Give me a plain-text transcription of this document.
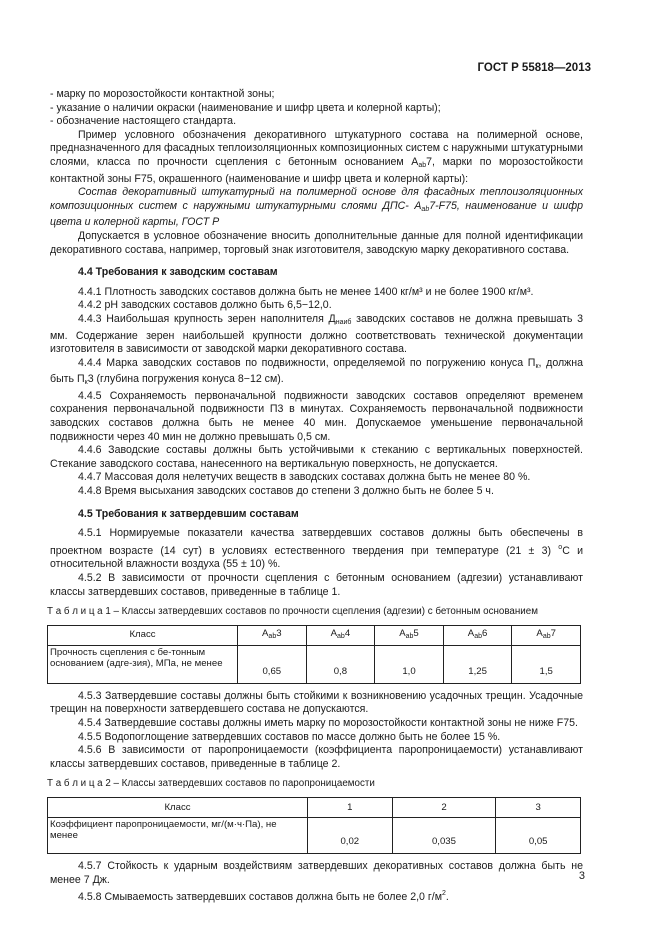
ГОСТ Р 55818—2013

- марку по морозостойкости контактной зоны;

- указание о наличии окраски (наименование и шифр цвета и колерной карты);

- обозначение настоящего стандарта.

Пример условного обозначения декоративного штукатурного состава на полимерной основе, предназначенного для фасадных теплоизоляционных композиционных систем с наружными штукатурными слоями, класса по прочности сцепления с бетонным основанием $А_{ab}7$, марки по морозостойкости контактной зоны F75, окрашенного (наименование и шифр цвета и колерной карты):

Состав декоративный штукатурный на полимерной основе для фасадных теплоизоляционных композиционных систем с наружными штукатурными слоями ДПС- $А_{ab}7-F75$, наименование и шифр цвета и колерной карты, ГОСТ Р

Допускается в условное обозначение вносить дополнительные данные для полной идентификации декоративного состава, например, торговый знак изготовителя, заводскую марку декоративного состава.

4.4 Требования к заводским составам

4.4.1 Плотность заводских составов должна быть не менее 1400 кг/м³ и не более 1900 кг/м³.

4.4.2 pH заводских составов должно быть 6,5−12,0.

4.4.3 Наибольшая крупность зерен наполнителя $Д_{наиб}$ заводских составов не должна превышать 3 мм. Содержание зерен наибольшей крупности должно соответствовать технической документации изготовителя в зависимости от заводской марки декоративного состава.

4.4.4 Марка заводских составов по подвижности, определяемой по погружению конуса $П_к$, должна быть $П_к3$ (глубина погружения конуса 8−12 см).

4.4.5 Сохраняемость первоначальной подвижности заводских составов определяют временем сохранения первоначальной подвижности П3 в минутах. Сохраняемость первоначальной подвижности заводских составов должна быть не менее 40 мин. Допускаемое уменьшение первоначальной подвижности через 40 мин не должно превышать 0,5 см.

4.4.6 Заводские составы должны быть устойчивыми к стеканию с вертикальных поверхностей. Стекание заводского состава, нанесенного на вертикальную поверхность, не допускается.

4.4.7 Массовая доля нелетучих веществ в заводских составах должна быть не менее 80 %.

4.4.8 Время высыхания заводских составов до степени 3 должно быть не более 5 ч.

4.5 Требования к затвердевшим составам

4.5.1 Нормируемые показатели качества затвердевших составов должны быть обеспечены в проектном возрасте (14 сут) в условиях естественного твердения при температуре (21 ± 3) $^о$С и относительной влажности воздуха (55 ± 10) %.

4.5.2 В зависимости от прочности сцепления с бетонным основанием (адгезии) устанавливают классы затвердевших составов, приведенные в таблице 1.

Т а б л и ц а 1 – Классы затвердевших составов по прочности сцепления (адгезии) с бетонным основанием
Класс	$А_{ab}3$	$А_{ab}4$	$А_{ab}5$	$А_{ab}6$	$А_{ab}7$
Прочность сцепления с бе-тонным основанием (адге-зия), МПа, не менее	0,65	0,8	1,0	1,25	1,5

4.5.3 Затвердевшие составы должны быть стойкими к возникновению усадочных трещин. Усадочные трещин на поверхности затвердевшего состава не допускаются.

4.5.4 Затвердевшие составы должны иметь марку по морозостойкости контактной зоны не ниже F75.

4.5.5 Водопоглощение затвердевших составов по массе должно быть не более 15 %.

4.5.6 В зависимости от паропроницаемости (коэффициента паропроницаемости) устанавливают классы затвердевших составов, приведенные в таблице 2.

Т а б л и ц а 2 – Классы затвердевших составов по паропроницаемости
Класс	1	2	3
Коэффициент паропроницаемости, мг/(м·ч·Па), не менее	0,02	0,035	0,05

4.5.7 Стойкость к ударным воздействиям затвердевших декоративных составов должна быть не менее 7 Дж.

4.5.8 Смываемость затвердевших составов должна быть не более 2,0 $г/м^2$.

3
